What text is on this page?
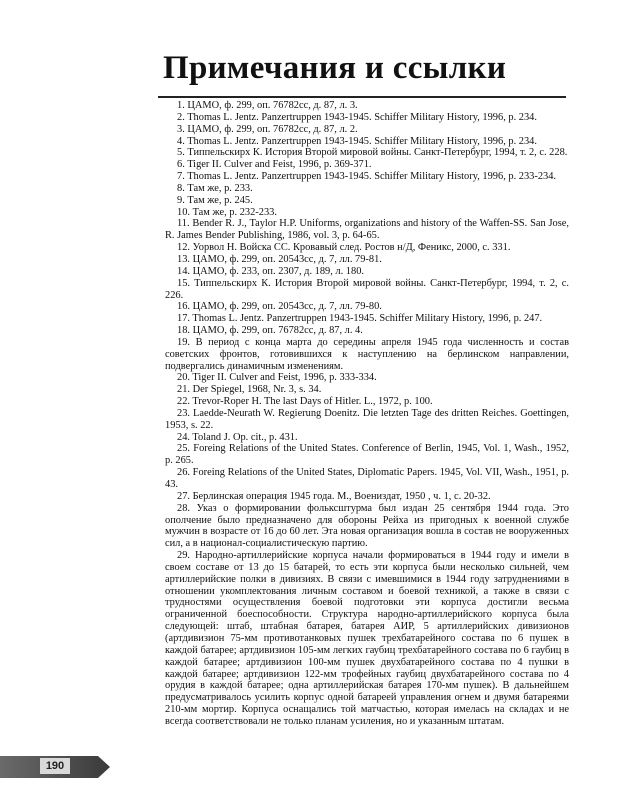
Примечания и ссылки

1. ЦАМО, ф. 299, оп. 76782сс, д. 87, л. 3.

2. Thomas L. Jentz. Panzertruppen 1943-1945. Schiffer Military History, 1996, p. 234.

3. ЦАМО, ф. 299, оп. 76782сс, д. 87, л. 2.

4. Thomas L. Jentz. Panzertruppen 1943-1945. Schiffer Military History, 1996, p. 234.

5. Типпельскирх К. История Второй мировой войны. Санкт-Петербург, 1994, т. 2, с. 228.

6. Tiger II. Culver and Feist, 1996, p. 369-371.

7. Thomas L. Jentz. Panzertruppen 1943-1945. Schiffer Military History, 1996, p. 233-234.

8. Там же, р. 233.

9. Там же, р. 245.

10. Там же, р. 232-233.

11. Bender R. J., Taylor H.P. Uniforms, organizations and history of the Waffen-SS. San Jose, R. James Bender Publishing, 1986, vol. 3, p. 64-65.

12. Уорвол Н. Войска СС. Кровавый след. Ростов н/Д, Феникс, 2000, с. 331.

13. ЦАМО, ф. 299, оп. 20543сс, д. 7, лл. 79-81.

14. ЦАМО, ф. 233, оп. 2307, д. 189, л. 180.

15. Типпельскирх К. История Второй мировой войны. Санкт-Петербург, 1994, т. 2, с. 226.

16. ЦАМО, ф. 299, оп. 20543сс, д. 7, лл. 79-80.

17. Thomas L. Jentz. Panzertruppen 1943-1945. Schiffer Military History, 1996, p. 247.

18. ЦАМО, ф. 299, оп. 76782сс, д. 87, л. 4.

19. В период с конца марта до середины апреля 1945 года численность и состав советских фронтов, готовившихся к наступлению на берлинском направлении, подвергались динамичным изменениям.

20. Tiger II. Culver and Feist, 1996, p. 333-334.

21. Der Spiegel, 1968, Nr. 3, s. 34.

22. Trevor-Roper H. The last Days of Hitler. L., 1972, p. 100.

23. Laedde-Neurath W. Regierung Doenitz. Die letzten Tage des dritten Reiches. Goettingen, 1953, s. 22.

24. Toland J. Op. cit., p. 431.

25. Foreing Relations of the United States. Conference of Berlin, 1945, Vol. 1, Wash., 1952, p. 265.

26. Foreing Relations of the United States, Diplomatic Papers. 1945, Vol. VII, Wash., 1951, p. 43.

27. Берлинская операция 1945 года. М., Воениздат, 1950 , ч. 1, с. 20-32.

28. Указ о формировании фольксштурма был издан 25 сентября 1944 года. Это ополчение было предназначено для обороны Рейха из пригодных к военной службе мужчин в возрасте от 16 до 60 лет. Эта новая организация вошла в состав не вооруженных сил, а в национал-социалистическую партию.

29. Народно-артиллерийские корпуса начали формироваться в 1944 году и имели в своем составе от 13 до 15 батарей, то есть эти корпуса были несколько сильней, чем артиллерийские полки в дивизиях. В связи с имевшимися в 1944 году затруднениями в отношении укомплектования личным составом и боевой техникой, а также в связи с трудностями осуществления боевой подготовки эти корпуса достигли весьма ограниченной боеспособности. Структура народно-артиллерийского корпуса была следующей: штаб, штабная батарея, батарея АИР, 5 артиллерийских дивизионов (артдивизион 75-мм противотанковых пушек трехбатарейного состава по 6 пушек в каждой батарее; артдивизион 105-мм легких гаубиц трехбатарейного состава по 6 гаубиц в каждой батарее; артдивизион 100-мм пушек двухбатарейного состава по 4 пушки в каждой батарее; артдивизион 122-мм трофейных гаубиц двухбатарейного состава по 4 орудия в каждой батарее; одна артиллерийская батарея 170-мм пушек). В дальнейшем предусматривалось усилить корпус одной батареей управления огнем и двумя батареями 210-мм мортир. Корпуса оснащались той матчастью, которая имелась на складах и не всегда соответствовали не только планам усиления, но и указанным штатам.

190
